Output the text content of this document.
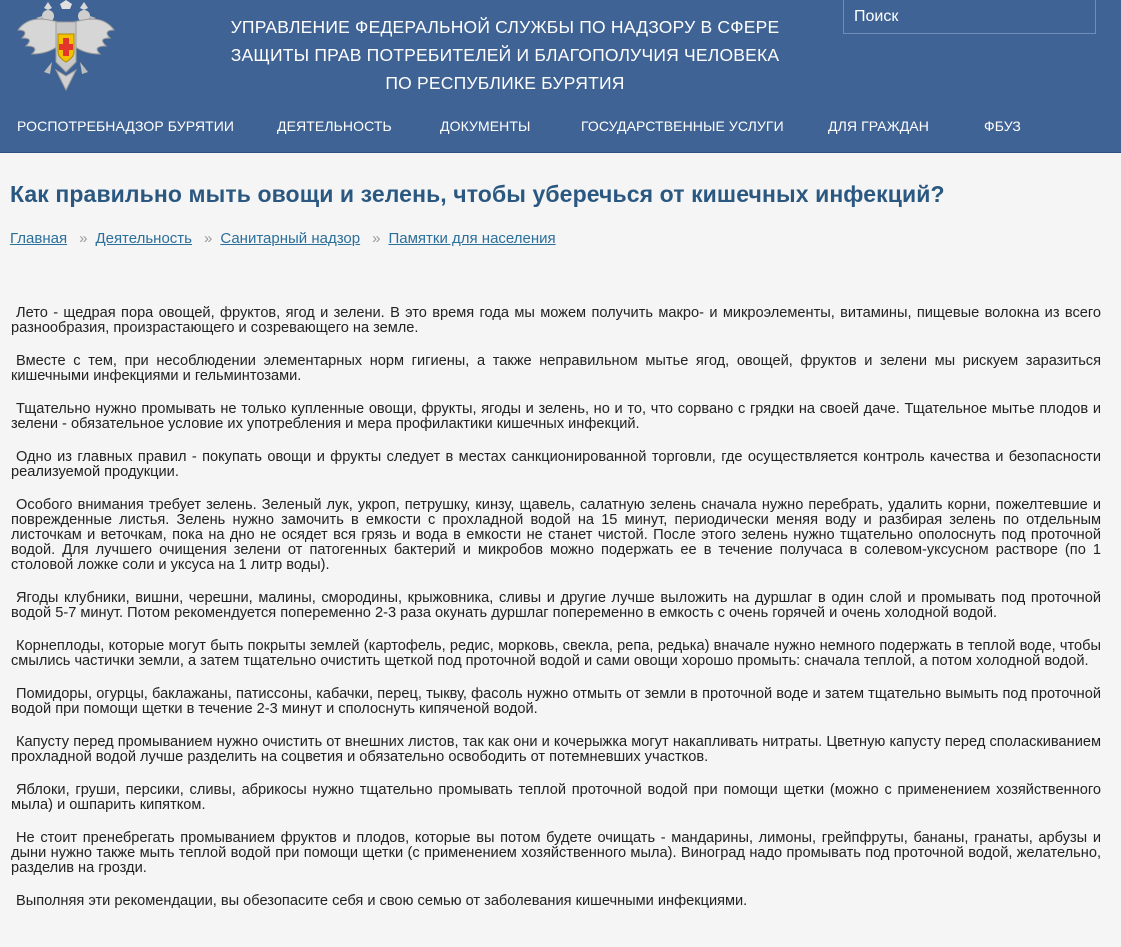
УПРАВЛЕНИЕ ФЕДЕРАЛЬНОЙ СЛУЖБЫ ПО НАДЗОРУ В СФЕРЕ
ЗАЩИТЫ ПРАВ ПОТРЕБИТЕЛЕЙ И БЛАГОПОЛУЧИЯ ЧЕЛОВЕКА
ПО РЕСПУБЛИКЕ БУРЯТИЯ
Поиск
РОСПОТРЕБНАДЗОР БУРЯТИИ	ДЕЯТЕЛЬНОСТЬ	ДОКУМЕНТЫ	ГОСУДАРСТВЕННЫЕ УСЛУГИ	ДЛЯ ГРАЖДАН	ФБУЗ
Как правильно мыть овощи и зелень, чтобы уберечься от кишечных инфекций?
Главная » Деятельность » Санитарный надзор » Памятки для населения

Лето - щедрая пора овощей, фруктов, ягод и зелени. В это время года мы можем получить макро- и микроэлементы, витамины, пищевые волокна из всего разнообразия, произрастающего и созревающего на земле.

Вместе с тем, при несоблюдении элементарных норм гигиены, а также неправильном мытье ягод, овощей, фруктов и зелени мы рискуем заразиться кишечными инфекциями и гельминтозами.

Тщательно нужно промывать не только купленные овощи, фрукты, ягоды и зелень, но и то, что сорвано с грядки на своей даче. Тщательное мытье плодов и зелени - обязательное условие их употребления и мера профилактики кишечных инфекций.

Одно из главных правил - покупать овощи и фрукты следует в местах санкционированной торговли, где осуществляется контроль качества и безопасности реализуемой продукции.

Особого внимания требует зелень. Зеленый лук, укроп, петрушку, кинзу, щавель, салатную зелень сначала нужно перебрать, удалить корни, пожелтевшие и поврежденные листья. Зелень нужно замочить в емкости с прохладной водой на 15 минут, периодически меняя воду и разбирая зелень по отдельным листочкам и веточкам, пока на дно не осядет вся грязь и вода в емкости не станет чистой. После этого зелень нужно тщательно ополоснуть под проточной водой. Для лучшего очищения зелени от патогенных бактерий и микробов можно подержать ее в течение получаса в солевом-уксусном растворе (по 1 столовой ложке соли и уксуса на 1 литр воды).

Ягоды клубники, вишни, черешни, малины, смородины, крыжовника, сливы и другие лучше выложить на дуршлаг в один слой и промывать под проточной водой 5-7 минут. Потом рекомендуется попеременно 2-3 раза окунать дуршлаг попеременно в емкость с очень горячей и очень холодной водой.

Корнеплоды, которые могут быть покрыты землей (картофель, редис, морковь, свекла, репа, редька) вначале нужно немного подержать в теплой воде, чтобы смылись частички земли, а затем тщательно очистить щеткой под проточной водой и сами овощи хорошо промыть: сначала теплой, а потом холодной водой.

Помидоры, огурцы, баклажаны, патиссоны, кабачки, перец, тыкву, фасоль нужно отмыть от земли в проточной воде и затем тщательно вымыть под проточной водой при помощи щетки в течение 2-3 минут и сполоснуть кипяченой водой.

Капусту перед промыванием нужно очистить от внешних листов, так как они и кочерыжка могут накапливать нитраты. Цветную капусту перед споласкиванием прохладной водой лучше разделить на соцветия и обязательно освободить от потемневших участков.

Яблоки, груши, персики, сливы, абрикосы нужно тщательно промывать теплой проточной водой при помощи щетки (можно с применением хозяйственного мыла) и ошпарить кипятком.

Не стоит пренебрегать промыванием фруктов и плодов, которые вы потом будете очищать - мандарины, лимоны, грейпфруты, бананы, гранаты, арбузы и дыни нужно также мыть теплой водой при помощи щетки (с применением хозяйственного мыла). Виноград надо промывать под проточной водой, желательно, разделив на грозди.

Выполняя эти рекомендации, вы обезопасите себя и свою семью от заболевания кишечными инфекциями.
